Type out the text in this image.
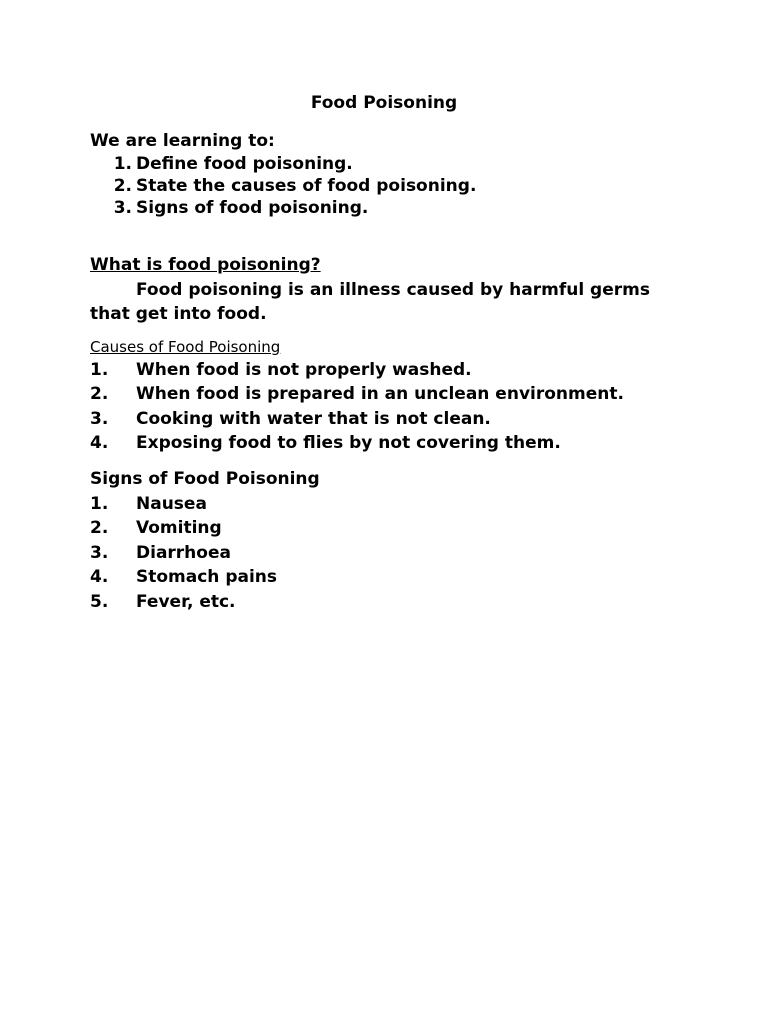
Food Poisoning
We are learning to:
1. Define food poisoning.
2. State the causes of food poisoning.
3. Signs of food poisoning.
What is food poisoning?

Food poisoning is an illness caused by harmful germs that get into food.

Causes of Food Poisoning
1.	When food is not properly washed.
2.	When food is prepared in an unclean environment.
3.	Cooking with water that is not clean.
4.	Exposing food to flies by not covering them.
Signs of Food Poisoning
1.	Nausea
2.	Vomiting
3.	Diarrhoea
4.	Stomach pains
5.	Fever, etc.
